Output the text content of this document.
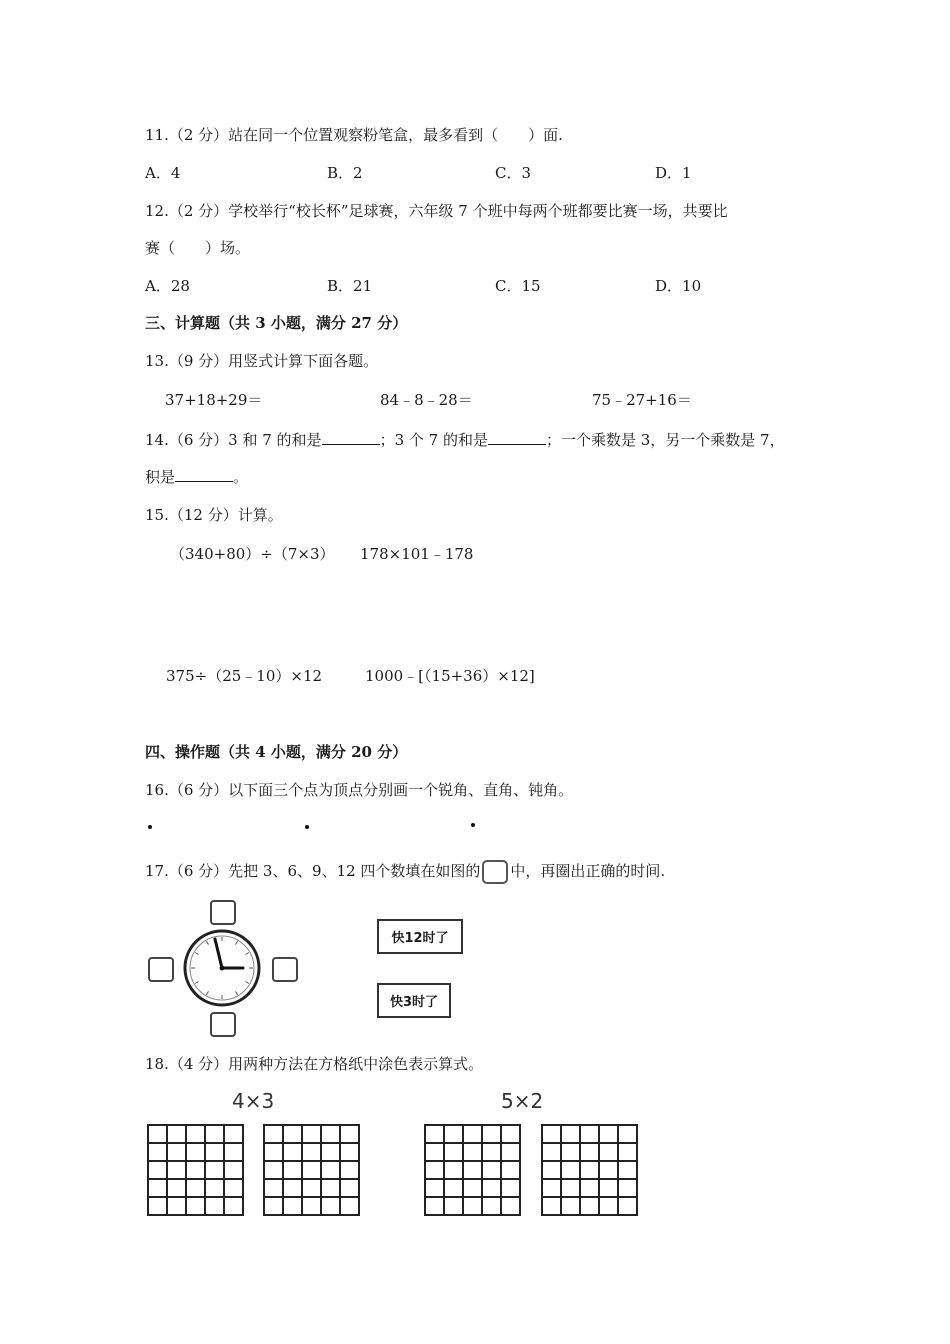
11.（2 分）站在同一个位置观察粉笔盒，最多看到（　　）面.
A．4	B．2	C．3	D．1
12.（2 分）学校举行“校长杯”足球赛，六年级 7 个班中每两个班都要比赛一场，共要比
赛（　　）场。
A．28	B．21	C．15	D．10
三、计算题（共 3 小题，满分 27 分）
13.（9 分）用竖式计算下面各题。
37+18+29＝	84﹣8﹣28＝	75﹣27+16＝
14.（6 分）3 和 7 的和是	；3 个 7 的和是	；一个乘数是 3，另一个乘数是 7，
积是	。
15.（12 分）计算。
（340+80）÷（7×3） 178×101﹣178
375÷（25﹣10）×12	1000﹣[（15+36）×12]
四、操作题（共 4 小题，满分 20 分）
16.（6 分）以下面三个点为顶点分别画一个锐角、直角、钝角。
17.（6 分）先把 3、6、9、12 四个数填在如图的 中，再圈出正确的时间.
快12时了
快3时了
18.（4 分）用两种方法在方格纸中涂色表示算式。
4×3	5×2
